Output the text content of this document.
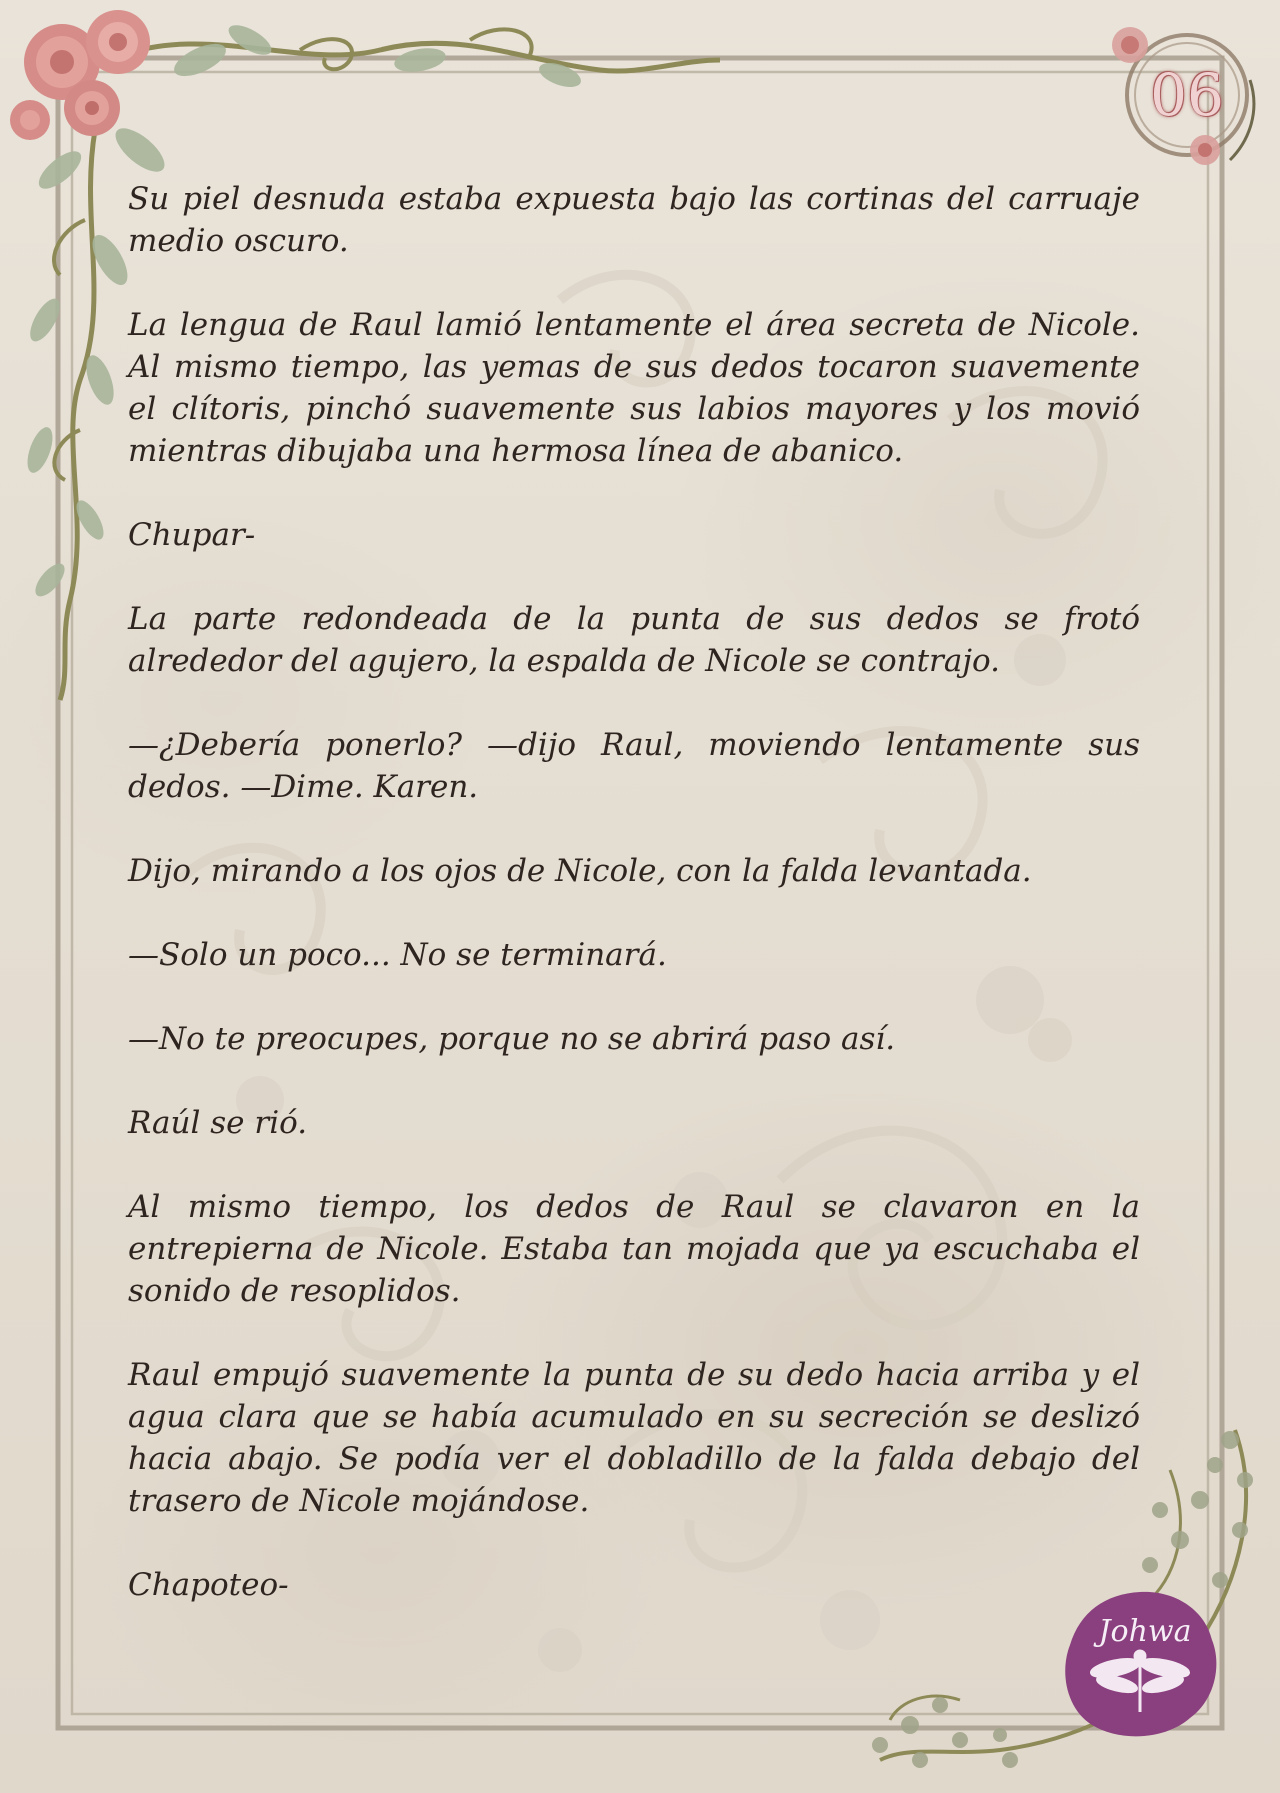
06
Johwa

Su piel desnuda estaba expuesta bajo las cortinas del carruaje medio oscuro.

La lengua de Raul lamió lentamente el área secreta de Nicole. Al mismo tiempo, las yemas de sus dedos tocaron suavemente el clítoris, pinchó suavemente sus labios mayores y los movió mientras dibujaba una hermosa línea de abanico.

Chupar-

La parte redondeada de la punta de sus dedos se frotó alrededor del agujero, la espalda de Nicole se contrajo.

—¿Debería ponerlo? —dijo Raul, moviendo lentamente sus dedos. —Dime. Karen.

Dijo, mirando a los ojos de Nicole, con la falda levantada.

—Solo un poco... No se terminará.

—No te preocupes, porque no se abrirá paso así.

Raúl se rió.

Al mismo tiempo, los dedos de Raul se clavaron en la entrepierna de Nicole. Estaba tan mojada que ya escuchaba el sonido de resoplidos.

Raul empujó suavemente la punta de su dedo hacia arriba y el agua clara que se había acumulado en su secreción se deslizó hacia abajo. Se podía ver el dobladillo de la falda debajo del trasero de Nicole mojándose.

Chapoteo-
